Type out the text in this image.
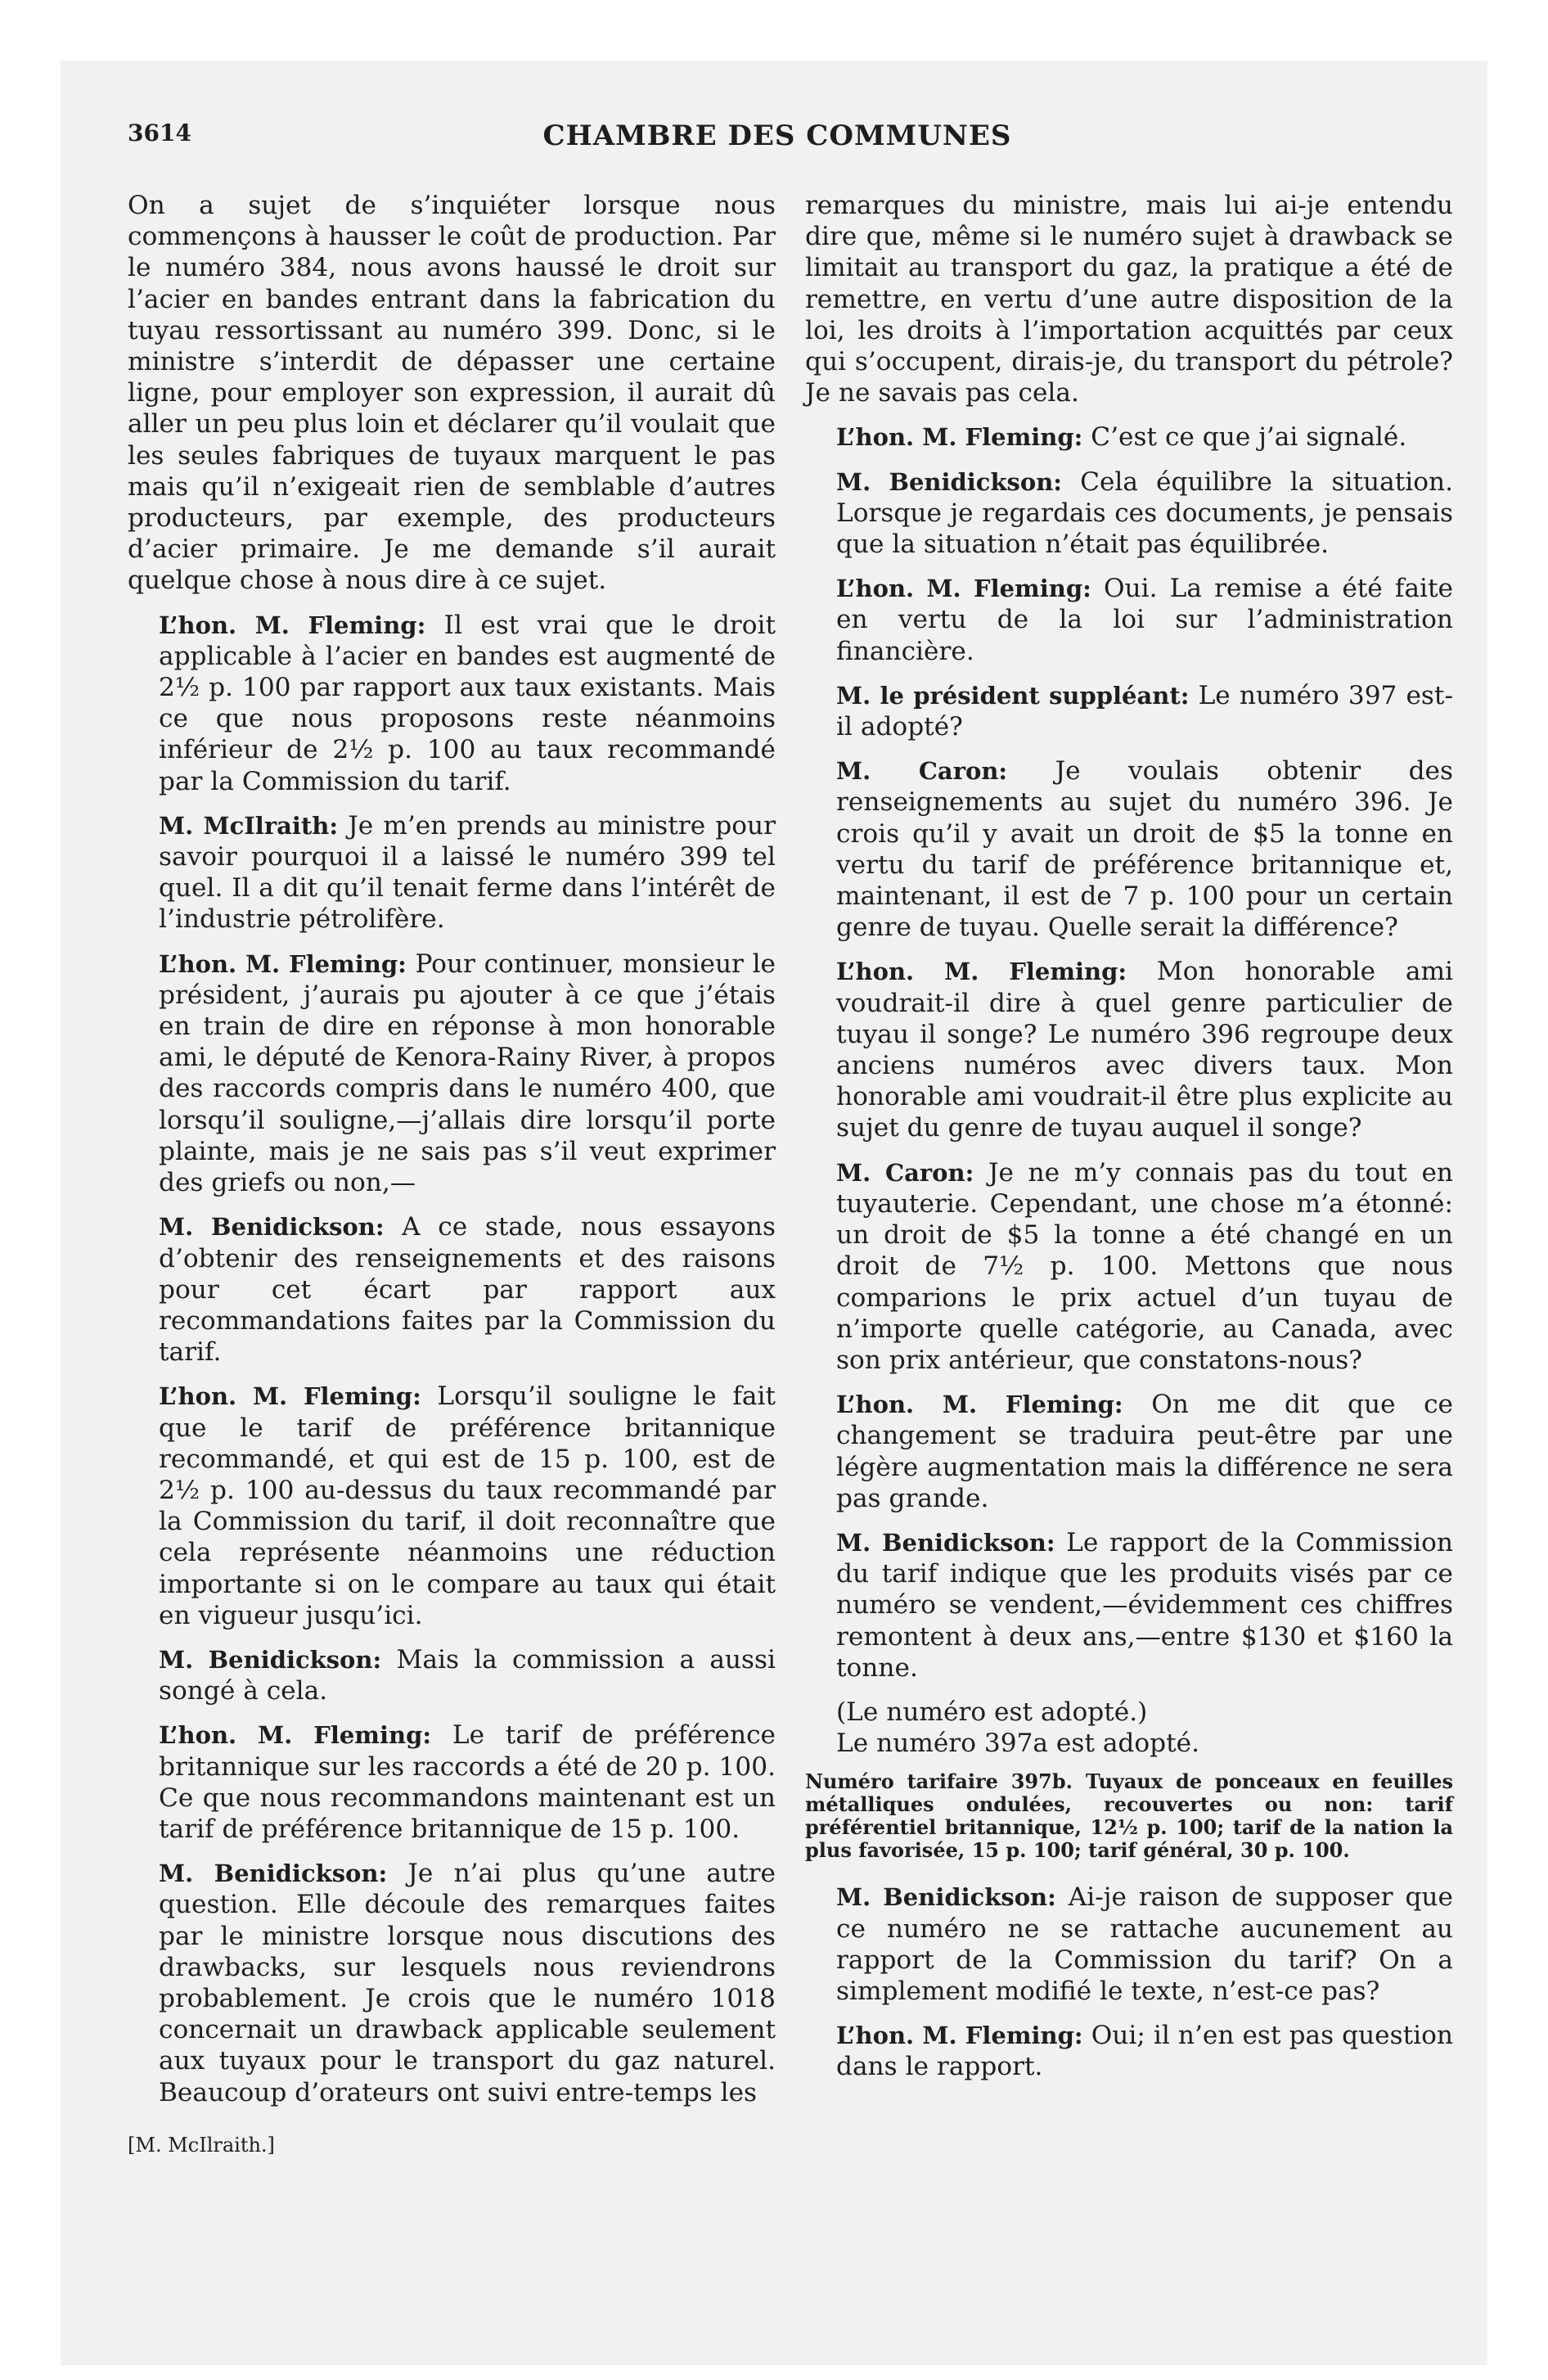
3614	CHAMBRE DES COMMUNES

On a sujet de s’inquiéter lorsque nous commençons à hausser le coût de production. Par le numéro 384, nous avons haussé le droit sur l’acier en bandes entrant dans la fabrication du tuyau ressortissant au numéro 399. Donc, si le ministre s’interdit de dépasser une certaine ligne, pour employer son expression, il aurait dû aller un peu plus loin et déclarer qu’il voulait que les seules fabriques de tuyaux marquent le pas mais qu’il n’exigeait rien de semblable d’autres producteurs, par exemple, des producteurs d’acier primaire. Je me demande s’il aurait quelque chose à nous dire à ce sujet.

L’hon. M. Fleming: Il est vrai que le droit applicable à l’acier en bandes est augmenté de 2½ p. 100 par rapport aux taux existants. Mais ce que nous proposons reste néanmoins inférieur de 2½ p. 100 au taux recommandé par la Commission du tarif.

M. McIlraith: Je m’en prends au ministre pour savoir pourquoi il a laissé le numéro 399 tel quel. Il a dit qu’il tenait ferme dans l’intérêt de l’industrie pétrolifère.

L’hon. M. Fleming: Pour continuer, monsieur le président, j’aurais pu ajouter à ce que j’étais en train de dire en réponse à mon honorable ami, le député de Kenora-Rainy River, à propos des raccords compris dans le numéro 400, que lorsqu’il souligne,—j’allais dire lorsqu’il porte plainte, mais je ne sais pas s’il veut exprimer des griefs ou non,—

M. Benidickson: A ce stade, nous essayons d’obtenir des renseignements et des raisons pour cet écart par rapport aux recommandations faites par la Commission du tarif.

L’hon. M. Fleming: Lorsqu’il souligne le fait que le tarif de préférence britannique recommandé, et qui est de 15 p. 100, est de 2½ p. 100 au-dessus du taux recommandé par la Commission du tarif, il doit reconnaître que cela représente néanmoins une réduction importante si on le compare au taux qui était en vigueur jusqu’ici.

M. Benidickson: Mais la commission a aussi songé à cela.

L’hon. M. Fleming: Le tarif de préférence britannique sur les raccords a été de 20 p. 100. Ce que nous recommandons maintenant est un tarif de préférence britannique de 15 p. 100.

M. Benidickson: Je n’ai plus qu’une autre question. Elle découle des remarques faites par le ministre lorsque nous discutions des drawbacks, sur lesquels nous reviendrons probablement. Je crois que le numéro 1018 concernait un drawback applicable seulement aux tuyaux pour le transport du gaz naturel. Beaucoup d’orateurs ont suivi entre-temps les

[M. McIlraith.]

remarques du ministre, mais lui ai-je entendu dire que, même si le numéro sujet à drawback se limitait au transport du gaz, la pratique a été de remettre, en vertu d’une autre disposition de la loi, les droits à l’importation acquittés par ceux qui s’occupent, dirais-je, du transport du pétrole? Je ne savais pas cela.

L’hon. M. Fleming: C’est ce que j’ai signalé.

M. Benidickson: Cela équilibre la situation. Lorsque je regardais ces documents, je pensais que la situation n’était pas équilibrée.

L’hon. M. Fleming: Oui. La remise a été faite en vertu de la loi sur l’administration financière.

M. le président suppléant: Le numéro 397 est-il adopté?

M. Caron: Je voulais obtenir des renseignements au sujet du numéro 396. Je crois qu’il y avait un droit de $5 la tonne en vertu du tarif de préférence britannique et, maintenant, il est de 7 p. 100 pour un certain genre de tuyau. Quelle serait la différence?

L’hon. M. Fleming: Mon honorable ami voudrait-il dire à quel genre particulier de tuyau il songe? Le numéro 396 regroupe deux anciens numéros avec divers taux. Mon honorable ami voudrait-il être plus explicite au sujet du genre de tuyau auquel il songe?

M. Caron: Je ne m’y connais pas du tout en tuyauterie. Cependant, une chose m’a étonné: un droit de $5 la tonne a été changé en un droit de 7½ p. 100. Mettons que nous comparions le prix actuel d’un tuyau de n’importe quelle catégorie, au Canada, avec son prix antérieur, que constatons-nous?

L’hon. M. Fleming: On me dit que ce changement se traduira peut-être par une légère augmentation mais la différence ne sera pas grande.

M. Benidickson: Le rapport de la Commission du tarif indique que les produits visés par ce numéro se vendent,—évidemment ces chiffres remontent à deux ans,—entre $130 et $160 la tonne.

(Le numéro est adopté.)

Le numéro 397a est adopté.

Numéro tarifaire 397b. Tuyaux de ponceaux en feuilles métalliques ondulées, recouvertes ou non: tarif préférentiel britannique, 12½ p. 100; tarif de la nation la plus favorisée, 15 p. 100; tarif général, 30 p. 100.

M. Benidickson: Ai-je raison de supposer que ce numéro ne se rattache aucunement au rapport de la Commission du tarif? On a simplement modifié le texte, n’est-ce pas?

L’hon. M. Fleming: Oui; il n’en est pas question dans le rapport.
